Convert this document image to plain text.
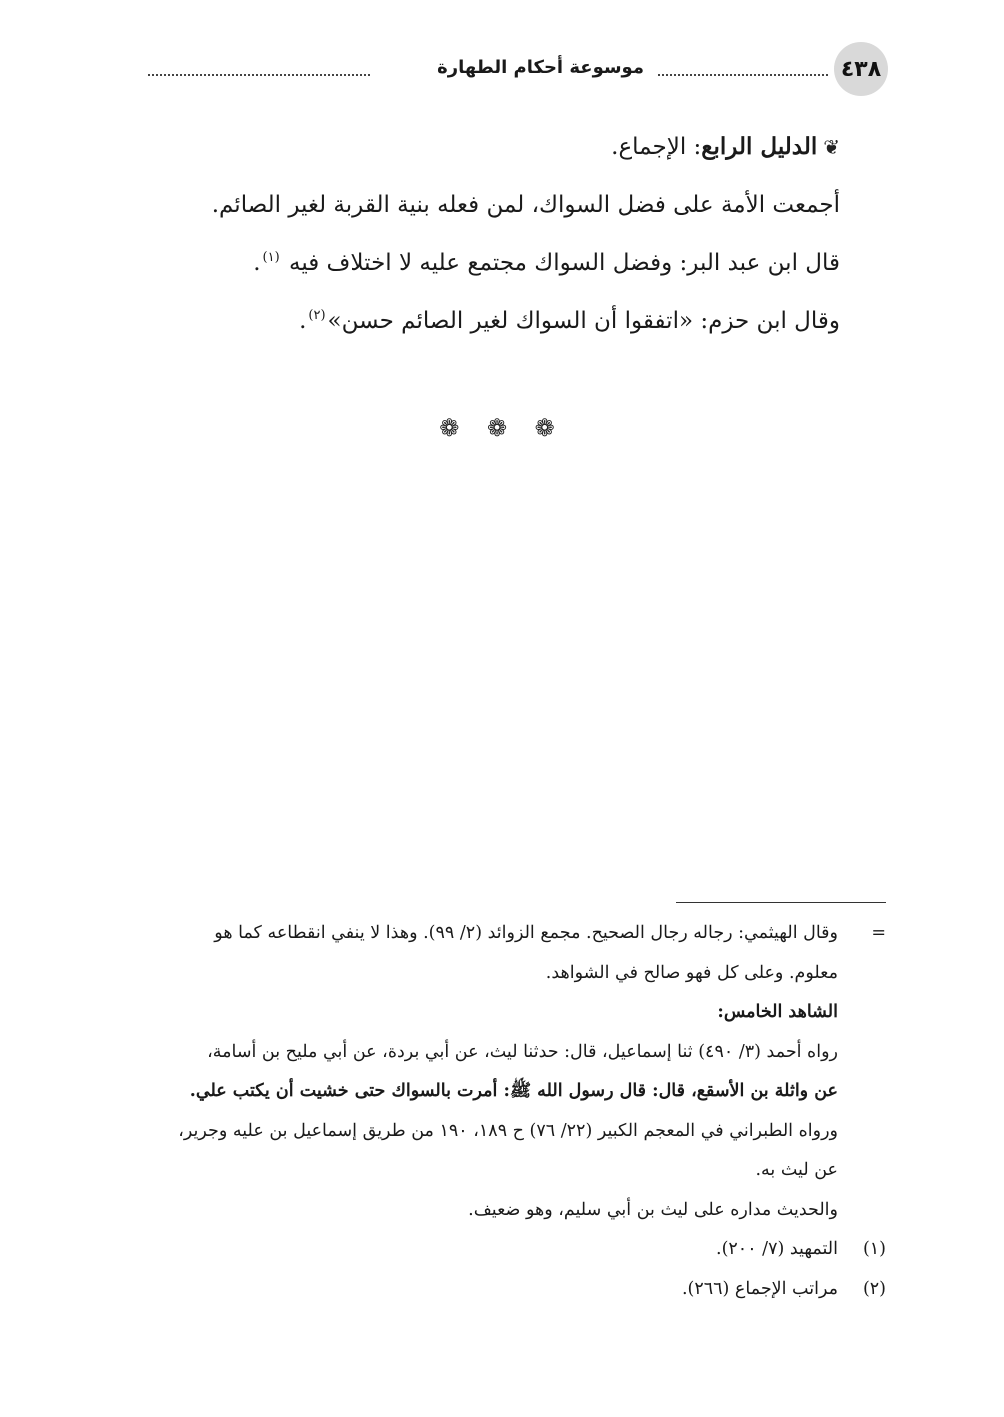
٤٣٨
موسوعة أحكام الطهارة

❦الدليل الرابع: الإجماع.

أجمعت الأمة على فضل السواك، لمن فعله بنية القربة لغير الصائم.

قال ابن عبد البر: وفضل السواك مجتمع عليه لا اختلاف فيه $^{(١)}$.

وقال ابن حزم: «اتفقوا أن السواك لغير الصائم حسن»$^{(٢)}$.

❁ ❁ ❁
=
وقال الهيثمي: رجاله رجال الصحيح. مجمع الزوائد (٢/ ٩٩). وهذا لا ينفي انقطاعه كما هو
معلوم. وعلى كل فهو صالح في الشواهد.
الشاهد الخامس:
رواه أحمد (٣/ ٤٩٠) ثنا إسماعيل، قال: حدثنا ليث، عن أبي بردة، عن أبي مليح بن أسامة،
عن واثلة بن الأسقع، قال: قال رسول الله ﷺ: أمرت بالسواك حتى خشيت أن يكتب علي.
ورواه الطبراني في المعجم الكبير (٢٢/ ٧٦) ح ١٨٩، ١٩٠ من طريق إسماعيل بن عليه وجرير،
عن ليث به.
والحديث مداره على ليث بن أبي سليم، وهو ضعيف.
(١)
التمهيد (٧/ ٢٠٠).
(٢)
مراتب الإجماع (٢٦٦).
